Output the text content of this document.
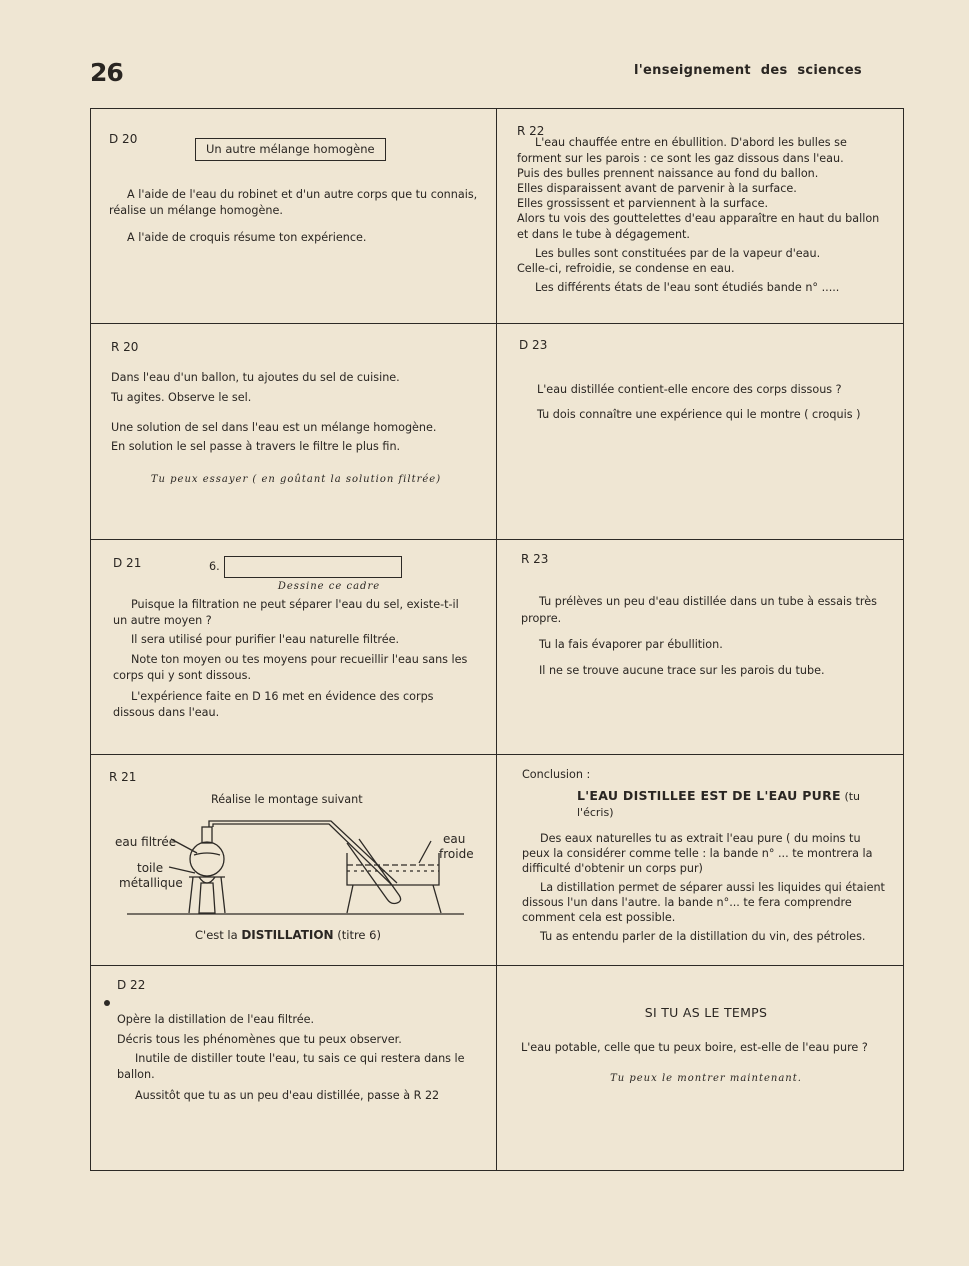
26	l'enseignement des sciences

D 20

Un autre mélange homogène

A l'aide de l'eau du robinet et d'un autre corps que tu connais, réalise un mélange homogène.

A l'aide de croquis résume ton expérience.

R 22

L'eau chauffée entre en ébullition. D'abord les bulles se forment sur les parois : ce sont les gaz dissous dans l'eau.

Puis des bulles prennent naissance au fond du ballon.

Elles disparaissent avant de parvenir à la surface.

Elles grossissent et parviennent à la surface.

Alors tu vois des gouttelettes d'eau apparaître en haut du ballon et dans le tube à dégagement.

Les bulles sont constituées par de la vapeur d'eau.

Celle-ci, refroidie, se condense en eau.

Les différents états de l'eau sont étudiés bande n° .....

R 20

Dans l'eau d'un ballon, tu ajoutes du sel de cuisine.

Tu agites. Observe le sel.

Une solution de sel dans l'eau est un mélange homogène.

En solution le sel passe à travers le filtre le plus fin.

Tu peux essayer ( en goûtant la solution filtrée)

D 23

L'eau distillée contient-elle encore des corps dissous ?

Tu dois connaître une expérience qui le montre ( croquis )

D 21	6.

Dessine ce cadre

Puisque la filtration ne peut séparer l'eau du sel, existe-t-il un autre moyen ?

Il sera utilisé pour purifier l'eau naturelle filtrée.

Note ton moyen ou tes moyens pour recueillir l'eau sans les corps qui y sont dissous.

L'expérience faite en D 16 met en évidence des corps dissous dans l'eau.

R 23

Tu prélèves un peu d'eau distillée dans un tube à essais très propre.

Tu la fais évaporer par ébullition.

Il ne se trouve aucune trace sur les parois du tube.

R 21

Réalise le montage suivant

eau filtrée
toile
métallique
eau
froide

C'est la DISTILLATION (titre 6)

Conclusion :

L'EAU DISTILLEE EST DE L'EAU PURE (tu l'écris)

Des eaux naturelles tu as extrait l'eau pure ( du moins tu peux la considérer comme telle : la bande n° ... te montrera la difficulté d'obtenir un corps pur)

La distillation permet de séparer aussi les liquides qui étaient dissous l'un dans l'autre. la bande n°... te fera comprendre comment cela est possible.

Tu as entendu parler de la distillation du vin, des pétroles.

D 22

Opère la distillation de l'eau filtrée.

Décris tous les phénomènes que tu peux observer.

Inutile de distiller toute l'eau, tu sais ce qui restera dans le ballon.

Aussitôt que tu as un peu d'eau distillée, passe à R 22

SI TU AS LE TEMPS

L'eau potable, celle que tu peux boire, est-elle de l'eau pure ?

Tu peux le montrer maintenant.
